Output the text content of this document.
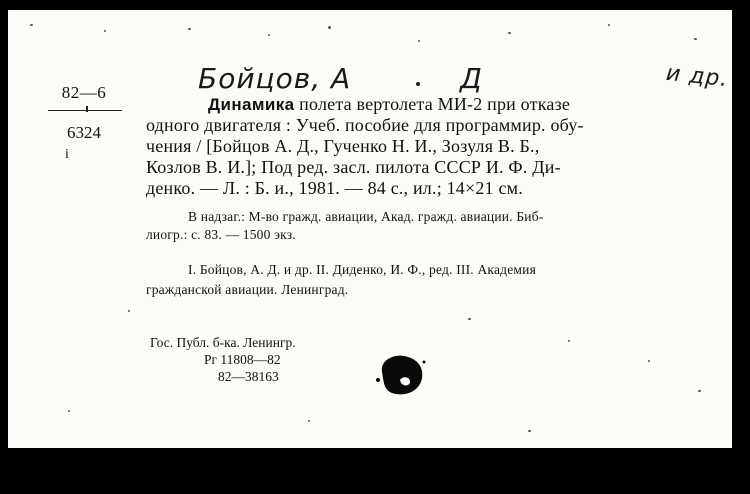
82—6
6324
і
Бойцов, А	Д	и др.
Динамика полета вертолета МИ-2 при отказе
одного двигателя : Учеб. пособие для программир. обу-
чения / [Бойцов А. Д., Гученко Н. И., Зозуля В. Б.,
Козлов В. И.]; Под ред. засл. пилота СССР И. Ф. Ди-
денко. — Л. : Б. и., 1981. — 84 с., ил.; 14×21 см.
В надзаг.: М-во гражд. авиации, Акад. гражд. авиации. Биб-
лиогр.: с. 83. — 1500 экз.
I. Бойцов, А. Д. и др. II. Диденко, И. Ф., ред. III. Академия
гражданской авиации. Ленинград.
Гос. Публ. б-ка. Ленингр.
Рг 11808—82
82—38163
